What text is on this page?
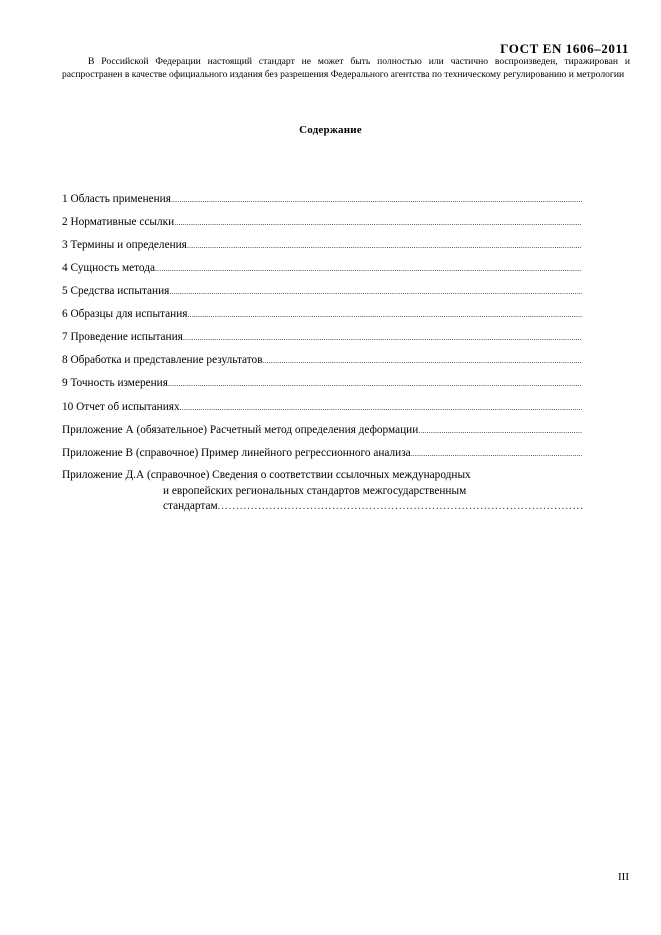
ГОСТ EN 1606–2011
В Российской Федерации настоящий стандарт не может быть полностью или частично воспроизведен, тиражирован и распространен в качестве официального издания без разрешения Федерального агентства по техническому регулированию и метрологии
Содержание
1 Область применения
.....
2 Нормативные ссылки
.....
3 Термины и определения
.....
4 Сущность метода
.....
5 Средства испытания
.....
6 Образцы для испытания
.....
7 Проведение испытания
.....
8 Обработка и представление результатов
.....
9 Точность измерения
.....
10 Отчет об испытаниях
.....
Приложение А (обязательное) Расчетный метод определения деформации
.....
Приложение В (справочное) Пример линейного регрессионного анализа
.....
Приложение Д.А (справочное) Сведения о соответствии ссылочных международных
и европейских региональных стандартов межгосударственным
стандартам
.....
III
